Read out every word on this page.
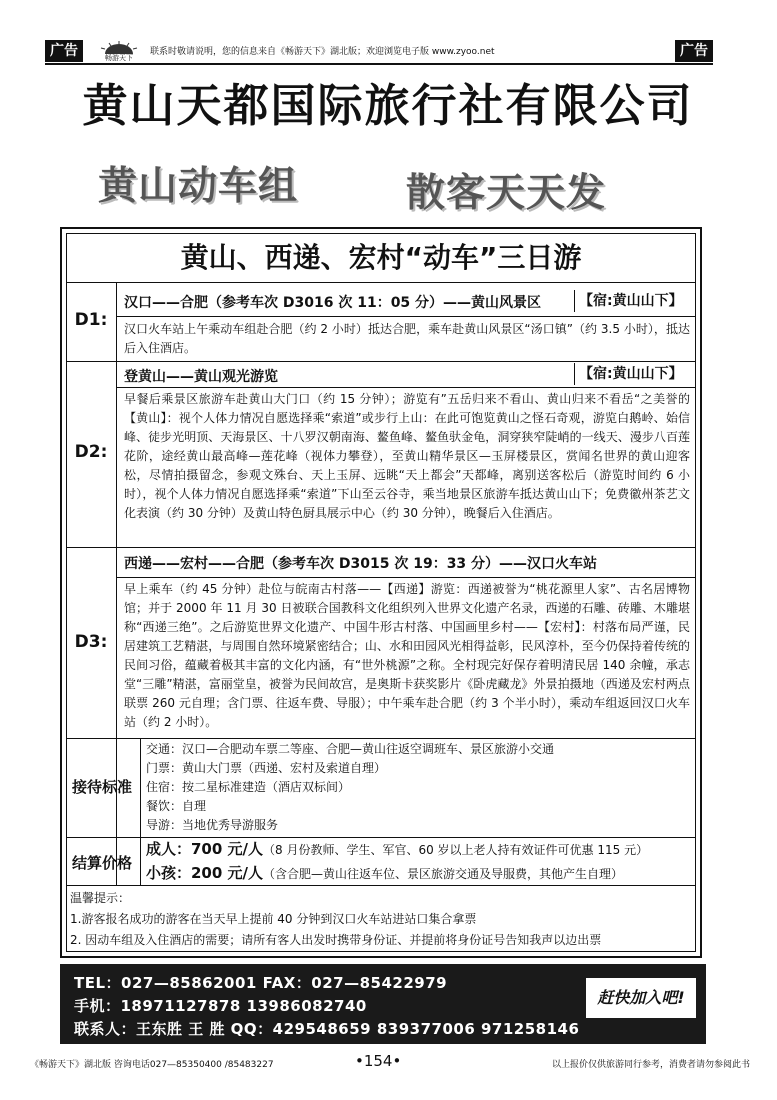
广告	畅游天下
联系时敬请说明，您的信息来自《畅游天下》湖北版；欢迎浏览电子版 www.zyoo.net	广告
黄山天都国际旅行社有限公司
黄山动车组	散客天天发
黄山、西递、宏村“动车”三日游
D1:
汉口——合肥（参考车次 D3016 次 11：05 分）——黄山风景区	【宿:黄山山下】
汉口火车站上午乘动车组赴合肥（约 2 小时）抵达合肥，乘车赴黄山风景区“汤口镇”（约 3.5 小时），抵达后入住酒店。
D2:
登黄山——黄山观光游览	【宿:黄山山下】
早餐后乘景区旅游车赴黄山大门口（约 15 分钟）；游览有”五岳归来不看山、黄山归来不看岳“之美誉的【黄山】：视个人体力情况自愿选择乘“索道”或步行上山：在此可饱览黄山之怪石奇观，游览白鹅岭、始信峰、徒步光明顶、天海景区、十八罗汉朝南海、鳌鱼峰、鳌鱼驮金龟，洞穿狭窄陡峭的一线天、漫步八百莲花阶，途经黄山最高峰—莲花峰（视体力攀登），至黄山精华景区—玉屏楼景区，赏闻名世界的黄山迎客松，尽情拍摄留念，参观文殊台、天上玉屏、远眺“天上都会”天都峰，离别送客松后（游览时间约 6 小时），视个人体力情况自愿选择乘“索道”下山至云谷寺，乘当地景区旅游车抵达黄山山下；免费徽州茶艺文化表演（约 30 分钟）及黄山特色厨具展示中心（约 30 分钟），晚餐后入住酒店。
D3:
西递——宏村——合肥（参考车次 D3015 次 19：33 分）——汉口火车站
早上乘车（约 45 分钟）赴位与皖南古村落——【西递】游览：西递被誉为“桃花源里人家”、古名居博物馆；并于 2000 年 11 月 30 日被联合国教科文化组织列入世界文化遗产名录，西递的石雕、砖雕、木雕堪称“西递三绝”。之后游览世界文化遗产、中国牛形古村落、中国画里乡村——【宏村】：村落布局严谨，民居建筑工艺精湛，与周围自然环境紧密结合；山、水和田园风光相得益彰，民风淳朴，至今仍保持着传统的民间习俗，蕴藏着极其丰富的文化内涵，有“世外桃源”之称。全村现完好保存着明清民居 140 余幢，承志堂“三雕”精湛，富丽堂皇，被誉为民间故宫，是奥斯卡获奖影片《卧虎藏龙》外景拍摄地（西递及宏村两点联票 260 元自理；含门票、往返车费、导服）；中午乘车赴合肥（约 3 个半小时），乘动车组返回汉口火车站（约 2 小时）。
接待标准
交通：汉口—合肥动车票二等座、合肥—黄山往返空调班车、景区旅游小交通
门票：黄山大门票（西递、宏村及索道自理）
住宿：按二星标准建造（酒店双标间）
餐饮：自理
导游：当地优秀导游服务
结算价格
成人：700 元/人（8 月份教师、学生、军官、60 岁以上老人持有效证件可优惠 115 元）
小孩：200 元/人（含合肥—黄山往返车位、景区旅游交通及导服费，其他产生自理）
温馨提示：
1.游客报名成功的游客在当天早上提前 40 分钟到汉口火车站进站口集合拿票
2. 因动车组及入住酒店的需要；请所有客人出发时携带身份证、并提前将身份证号告知我声以边出票
TEL：027—85862001 FAX：027—85422979
手机：18971127878 13986082740
联系人：王东胜 王 胜 QQ：429548659 839377006 971258146
赶快加入吧!
《畅游天下》湖北版 咨询电话027—85350400 /85483227	•154•	以上报价仅供旅游同行参考，消费者请勿参阅此书
